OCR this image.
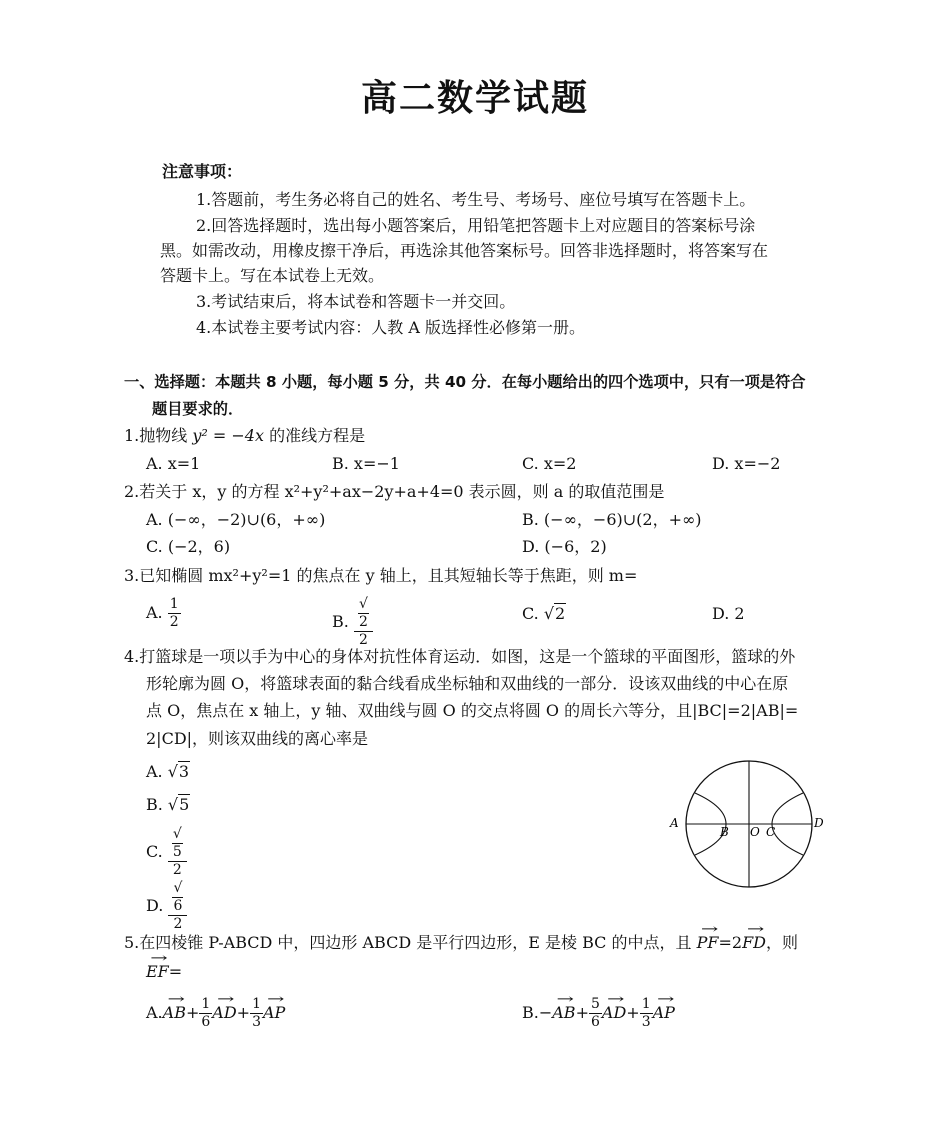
高二数学试题
注意事项：
1.答题前，考生务必将自己的姓名、考生号、考场号、座位号填写在答题卡上。
2.回答选择题时，选出每小题答案后，用铅笔把答题卡上对应题目的答案标号涂
黑。如需改动，用橡皮擦干净后，再选涂其他答案标号。回答非选择题时，将答案写在
答题卡上。写在本试卷上无效。
3.考试结束后，将本试卷和答题卡一并交回。
4.本试卷主要考试内容：人教 A 版选择性必修第一册。
一、选择题：本题共 8 小题，每小题 5 分，共 40 分．在每小题给出的四个选项中，只有一项是符合
题目要求的．
1.抛物线 y² = −4x 的准线方程是
A. x=1	B. x=−1	C. x=2	D. x=−2
2.若关于 x，y 的方程 x²+y²+ax−2y+a+4=0 表示圆，则 a 的取值范围是
A. (−∞，−2)∪(6，+∞)	B. (−∞，−6)∪(2，+∞)
C. (−2，6)	D. (−6，2)
3.已知椭圆 mx²+y²=1 的焦点在 y 轴上，且其短轴长等于焦距，则 m=
A. $\frac{1}{2}$	B. √
2
2	C. √2	D. 2
4.打篮球是一项以手为中心的身体对抗性体育运动．如图，这是一个篮球的平面图形，篮球的外
形轮廓为圆 O，将篮球表面的黏合线看成坐标轴和双曲线的一部分．设该双曲线的中心在原
点 O，焦点在 x 轴上，y 轴、双曲线与圆 O 的交点将圆 O 的周长六等分，且|BC|=2|AB|=
2|CD|，则该双曲线的离心率是
A. √3
B. √5
C. √
5
2
D. √
6
2
A
B O C
D
5.在四棱锥 P-ABCD 中，四边形 ABCD 是平行四边形，E 是棱 BC 的中点，且 → PF=2→ FD，则
→ EF=
$A.\to AB+ \frac{1}{6}$
→ $AD+ \frac{1}{3}$
→ AP	$B.-\to AB+ \frac{5}{6}$
→ $AD+ \frac{1}{3}$
→ AP
→
→
→
→
→
→
